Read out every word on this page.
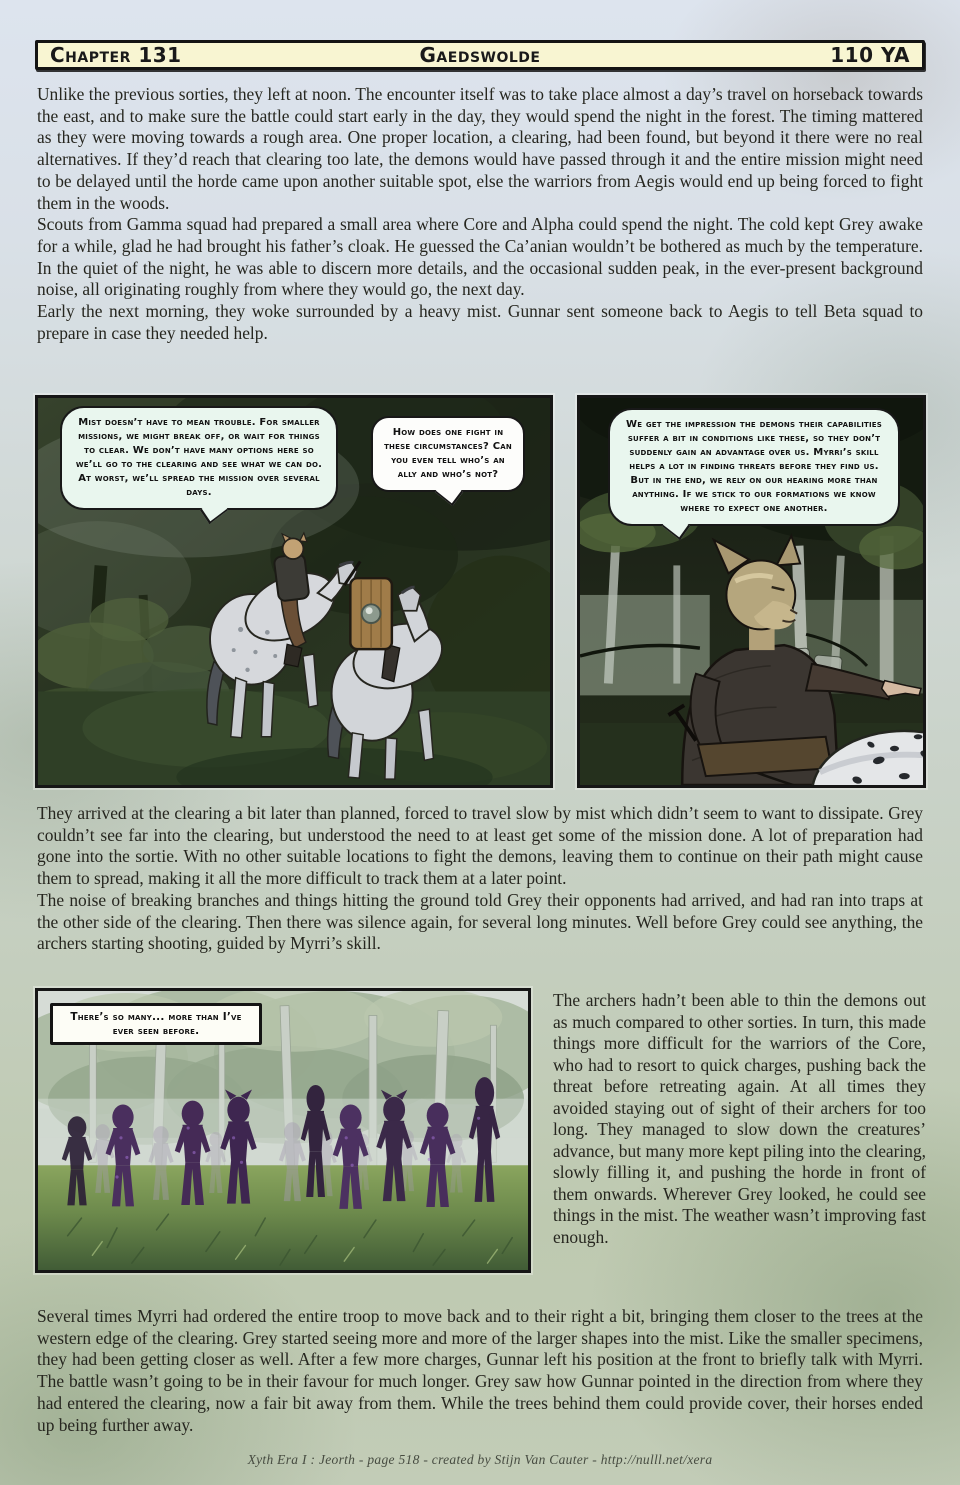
Chapter 131	Gaedswolde	110 YA

Unlike the previous sorties, they left at noon. The encounter itself was to take place almost a day’s travel on horseback towards the east, and to make sure the battle could start early in the day, they would spend the night in the forest. The timing mattered as they were moving towards a rough area. One proper location, a clearing, had been found, but beyond it there were no real alternatives. If they’d reach that clearing too late, the demons would have passed through it and the entire mission might need to be delayed until the horde came upon another suitable spot, else the warriors from Aegis would end up being forced to fight them in the woods.

Scouts from Gamma squad had prepared a small area where Core and Alpha could spend the night. The cold kept Grey awake for a while, glad he had brought his father’s cloak. He guessed the Ca’anian wouldn’t be bothered as much by the temperature. In the quiet of the night, he was able to discern more details, and the occasional sudden peak, in the ever-present background noise, all originating roughly from where they would go, the next day.

Early the next morning, they woke surrounded by a heavy mist. Gunnar sent someone back to Aegis to tell Beta squad to prepare in case they needed help.

Mist doesn’t have to mean trouble. For smaller missions, we might break off, or wait for things to clear. We don’t have many options here so we’ll go to the clearing and see what we can do. At worst, we’ll spread the mission over several days.
How does one fight in these circumstances? Can you even tell who’s an ally and who’s not?
We get the impression the demons their capabilities suffer a bit in conditions like these, so they don’t suddenly gain an advantage over us. Myrri’s skill helps a lot in finding threats before they find us. But in the end, we rely on our hearing more than anything. If we stick to our formations we know where to expect one another.

They arrived at the clearing a bit later than planned, forced to travel slow by mist which didn’t seem to want to dissipate. Grey couldn’t see far into the clearing, but understood the need to at least get some of the mission done. A lot of preparation had gone into the sortie. With no other suitable locations to fight the demons, leaving them to continue on their path might cause them to spread, making it all the more difficult to track them at a later point.

The noise of breaking branches and things hitting the ground told Grey their opponents had arrived, and had ran into traps at the other side of the clearing. Then there was silence again, for several long minutes. Well before Grey could see anything, the archers starting shooting, guided by Myrri’s skill.

There’s so many... more than I’ve ever seen before.

The archers hadn’t been able to thin the demons out as much compared to other sorties. In turn, this made things more difficult for the warriors of the Core, who had to resort to quick charges, pushing back the threat before retreating again. At all times they avoided staying out of sight of their archers for too long. They managed to slow down the creatures’ advance, but many more kept piling into the clearing, slowly filling it, and pushing the horde in front of them onwards. Wherever Grey looked, he could see things in the mist. The weather wasn’t improving fast enough.

Several times Myrri had ordered the entire troop to move back and to their right a bit, bringing them closer to the trees at the western edge of the clearing. Grey started seeing more and more of the larger shapes into the mist. Like the smaller specimens, they had been getting closer as well. After a few more charges, Gunnar left his position at the front to briefly talk with Myrri. The battle wasn’t going to be in their favour for much longer. Grey saw how Gunnar pointed in the direction from where they had entered the clearing, now a fair bit away from them. While the trees behind them could provide cover, their horses ended up being further away.

Xyth Era I : Jeorth - page 518 - created by Stijn Van Cauter - http://nulll.net/xera
